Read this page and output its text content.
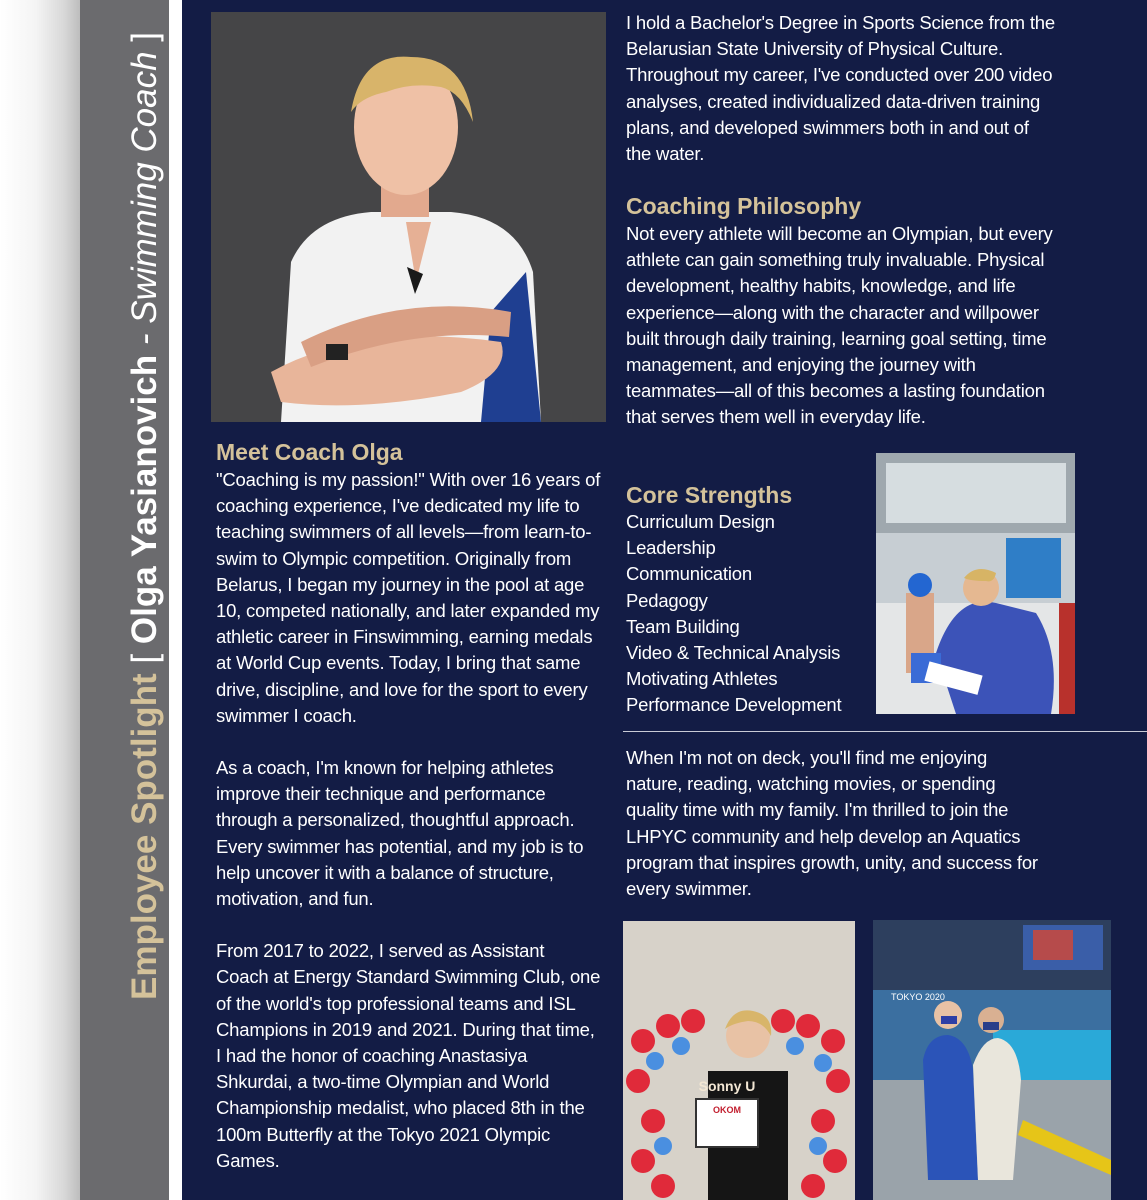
Employee Spotlight [ Olga Yasianovich - Swimming Coach ]
Sonny U
OKOM
TOKYO 2020
Meet Coach Olga

"Coaching is my passion!" With over 16 years of coaching experience, I've dedicated my life to teaching swimmers of all levels—from learn-to-swim to Olympic competition. Originally from Belarus, I began my journey in the pool at age 10, competed nationally, and later expanded my athletic career in Finswimming, earning medals at World Cup events. Today, I bring that same drive, discipline, and love for the sport to every swimmer I coach.

As a coach, I'm known for helping athletes improve their technique and performance through a personalized, thoughtful approach. Every swimmer has potential, and my job is to help uncover it with a balance of structure, motivation, and fun.

From 2017 to 2022, I served as Assistant Coach at Energy Standard Swimming Club, one of the world's top professional teams and ISL Champions in 2019 and 2021. During that time, I had the honor of coaching Anastasiya Shkurdai, a two-time Olympian and World Championship medalist, who placed 8th in the 100m Butterfly at the Tokyo 2021 Olympic Games.

I hold a Bachelor's Degree in Sports Science from the Belarusian State University of Physical Culture. Throughout my career, I've conducted over 200 video analyses, created individualized data-driven training plans, and developed swimmers both in and out of the water.
Coaching Philosophy
Not every athlete will become an Olympian, but every athlete can gain something truly invaluable. Physical development, healthy habits, knowledge, and life experience—along with the character and willpower built through daily training, learning goal setting, time management, and enjoying the journey with teammates—all of this becomes a lasting foundation that serves them well in everyday life.
Core Strengths
Curriculum Design
Leadership
Communication
Pedagogy
Team Building
Video & Technical Analysis
Motivating Athletes
Performance Development
When I'm not on deck, you'll find me enjoying nature, reading, watching movies, or spending quality time with my family. I'm thrilled to join the LHPYC community and help develop an Aquatics program that inspires growth, unity, and success for every swimmer.
